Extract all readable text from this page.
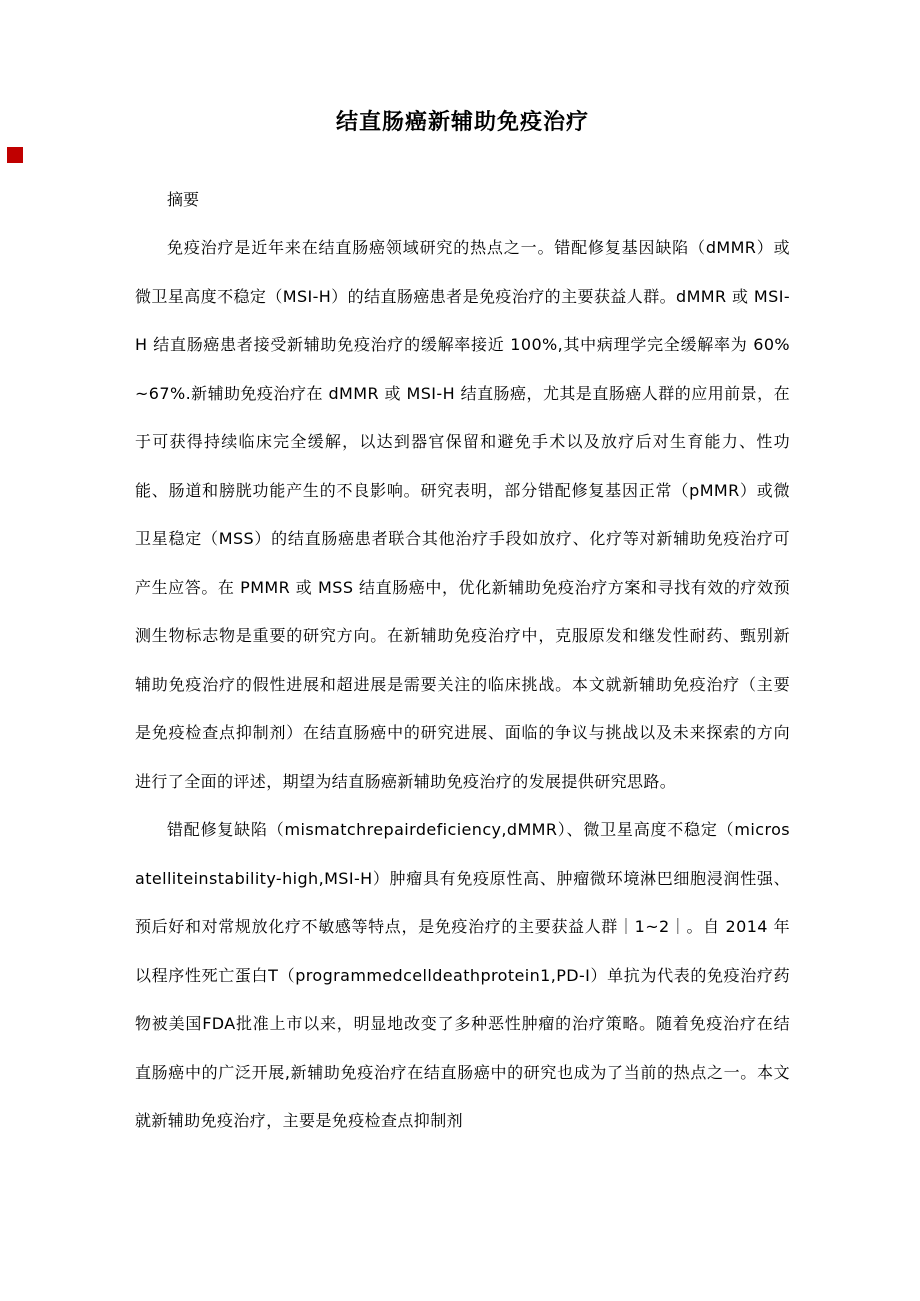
结直肠癌新辅助免疫治疗

摘要

免疫治疗是近年来在结直肠癌领域研究的热点之一。错配修复基因缺陷（dMMR）或微卫星高度不稳定（MSI-H）的结直肠癌患者是免疫治疗的主要获益人群。dMMR 或 MSI-H 结直肠癌患者接受新辅助免疫治疗的缓解率接近 100%,其中病理学完全缓解率为 60%~67%.新辅助免疫治疗在 dMMR 或 MSI-H 结直肠癌，尤其是直肠癌人群的应用前景，在于可获得持续临床完全缓解，以达到器官保留和避免手术以及放疗后对生育能力、性功能、肠道和膀胱功能产生的不良影响。研究表明，部分错配修复基因正常（pMMR）或微卫星稳定（MSS）的结直肠癌患者联合其他治疗手段如放疗、化疗等对新辅助免疫治疗可产生应答。在 PMMR 或 MSS 结直肠癌中，优化新辅助免疫治疗方案和寻找有效的疗效预测生物标志物是重要的研究方向。在新辅助免疫治疗中，克服原发和继发性耐药、甄别新辅助免疫治疗的假性进展和超进展是需要关注的临床挑战。本文就新辅助免疫治疗（主要是免疫检查点抑制剂）在结直肠癌中的研究进展、面临的争议与挑战以及未来探索的方向进行了全面的评述，期望为结直肠癌新辅助免疫治疗的发展提供研究思路。

错配修复缺陷（mismatchrepairdeficiency,dMMR）、微卫星高度不稳定（microsatelliteinstability-high,MSI-H）肿瘤具有免疫原性高、肿瘤微环境淋巴细胞浸润性强、预后好和对常规放化疗不敏感等特点，是免疫治疗的主要获益人群｜1~2｜。自 2014 年以程序性死亡蛋白T（programmedcelldeathprotein1,PD-I）单抗为代表的免疫治疗药物被美国FDA批准上市以来，明显地改变了多种恶性肿瘤的治疗策略。随着免疫治疗在结直肠癌中的广泛开展,新辅助免疫治疗在结直肠癌中的研究也成为了当前的热点之一。本文就新辅助免疫治疗，主要是免疫检查点抑制剂
